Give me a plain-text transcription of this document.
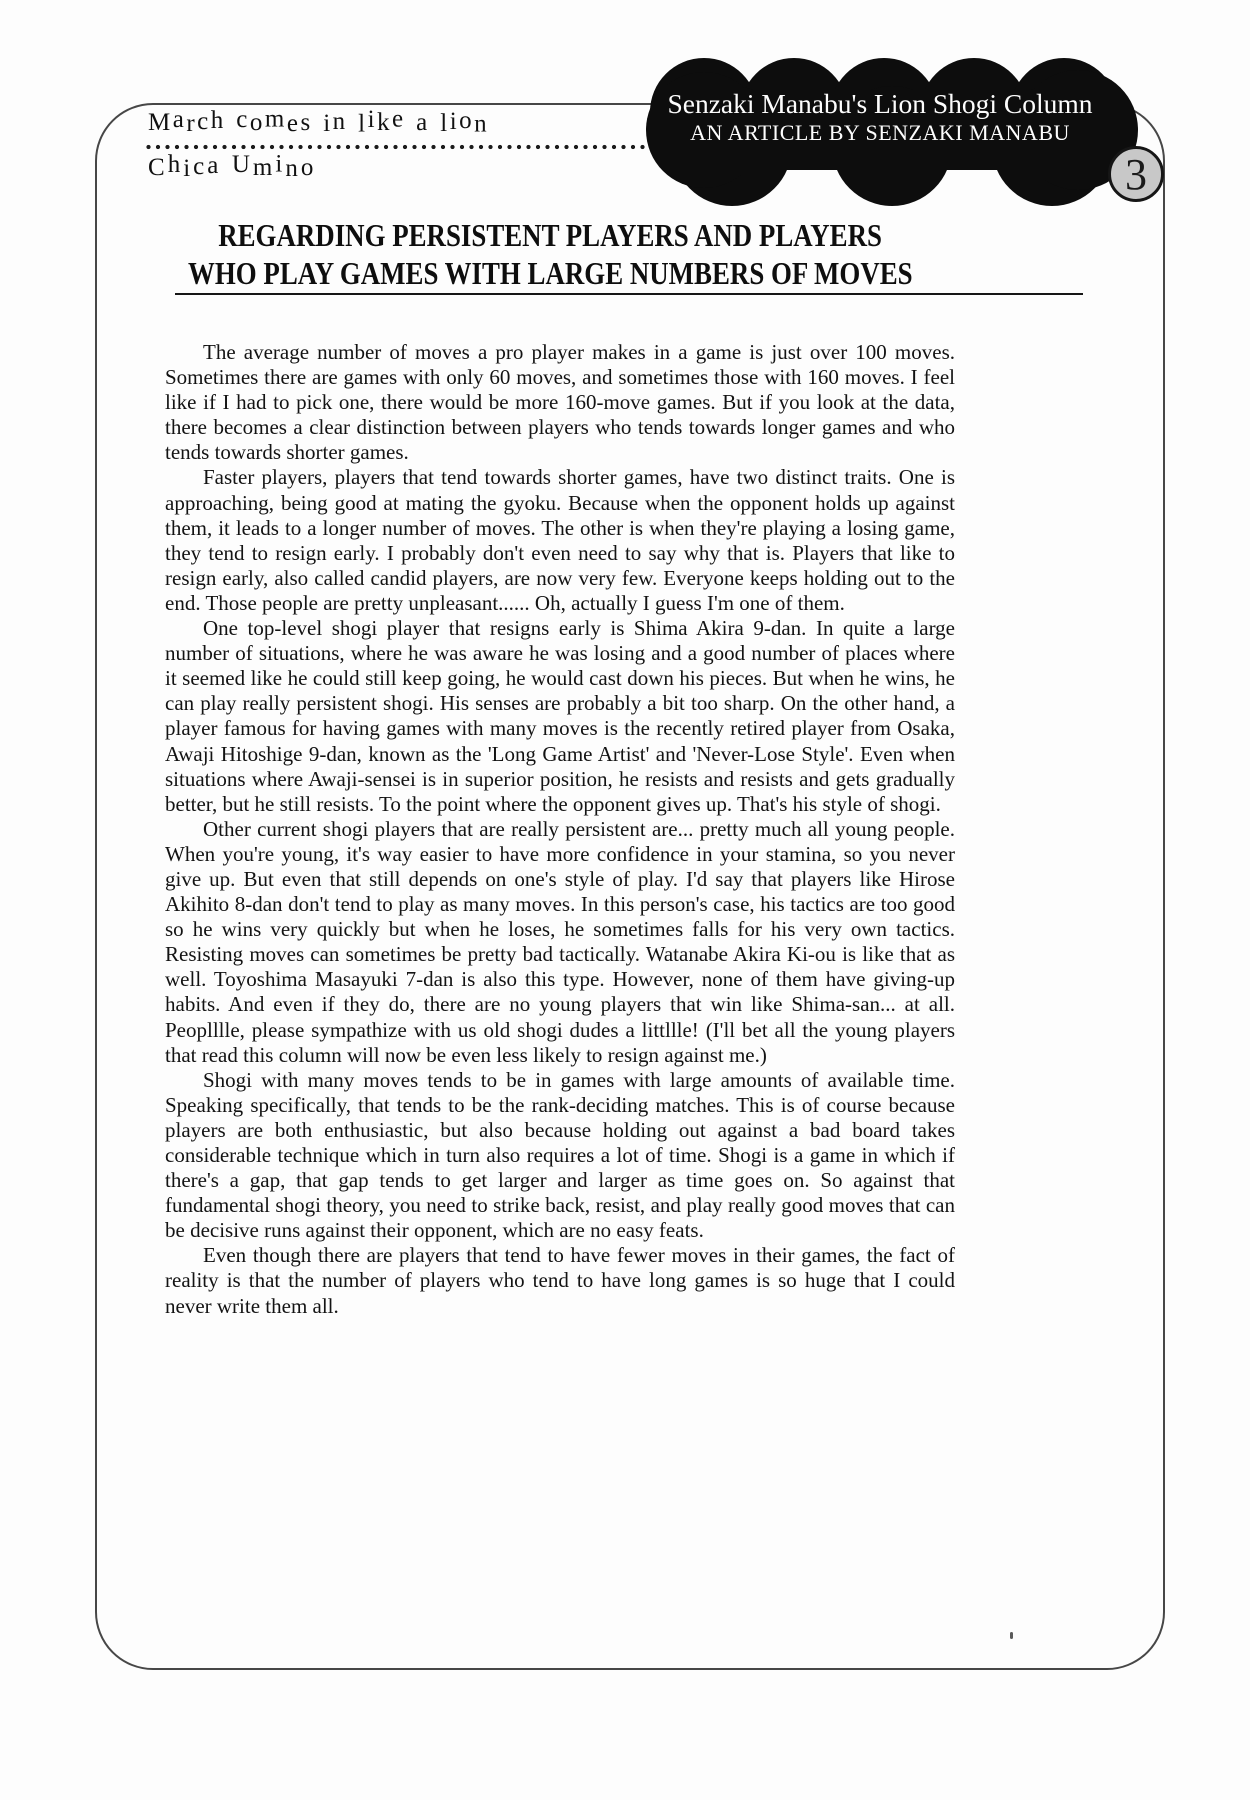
March comes in like a lion
Chica Umino
Senzaki Manabu's Lion Shogi Column
AN ARTICLE BY SENZAKI MANABU
3
REGARDING PERSISTENT PLAYERS AND PLAYERS
WHO PLAY GAMES WITH LARGE NUMBERS OF MOVES

The average number of moves a pro player makes in a game is just over 100 moves. Sometimes there are games with only 60 moves, and sometimes those with 160 moves. I feel like if I had to pick one, there would be more 160-move games. But if you look at the data, there becomes a clear distinction between players who tends towards longer games and who tends towards shorter games.

Faster players, players that tend towards shorter games, have two distinct traits. One is approaching, being good at mating the gyoku. Because when the opponent holds up against them, it leads to a longer number of moves. The other is when they're playing a losing game, they tend to resign early. I probably don't even need to say why that is. Players that like to resign early, also called candid players, are now very few. Everyone keeps holding out to the end. Those people are pretty unpleasant...... Oh, actually I guess I'm one of them.

One top-level shogi player that resigns early is Shima Akira 9-dan. In quite a large number of situations, where he was aware he was losing and a good number of places where it seemed like he could still keep going, he would cast down his pieces. But when he wins, he can play really persistent shogi. His senses are probably a bit too sharp. On the other hand, a player famous for having games with many moves is the recently retired player from Osaka, Awaji Hitoshige 9-dan, known as the 'Long Game Artist' and 'Never-Lose Style'. Even when situations where Awaji-sensei is in superior position, he resists and resists and gets gradually better, but he still resists. To the point where the opponent gives up. That's his style of shogi.

Other current shogi players that are really persistent are... pretty much all young people. When you're young, it's way easier to have more confidence in your stamina, so you never give up. But even that still depends on one's style of play. I'd say that players like Hirose Akihito 8-dan don't tend to play as many moves. In this person's case, his tactics are too good so he wins very quickly but when he loses, he sometimes falls for his very own tactics. Resisting moves can sometimes be pretty bad tactically. Watanabe Akira Ki-ou is like that as well. Toyoshima Masayuki 7-dan is also this type. However, none of them have giving-up habits. And even if they do, there are no young players that win like Shima-san... at all. Peoplllle, please sympathize with us old shogi dudes a littllle! (I'll bet all the young players that read this column will now be even less likely to resign against me.)

Shogi with many moves tends to be in games with large amounts of available time. Speaking specifically, that tends to be the rank-deciding matches. This is of course because players are both enthusiastic, but also because holding out against a bad board takes considerable technique which in turn also requires a lot of time. Shogi is a game in which if there's a gap, that gap tends to get larger and larger as time goes on. So against that fundamental shogi theory, you need to strike back, resist, and play really good moves that can be decisive runs against their opponent, which are no easy feats.

Even though there are players that tend to have fewer moves in their games, the fact of reality is that the number of players who tend to have long games is so huge that I could never write them all.
